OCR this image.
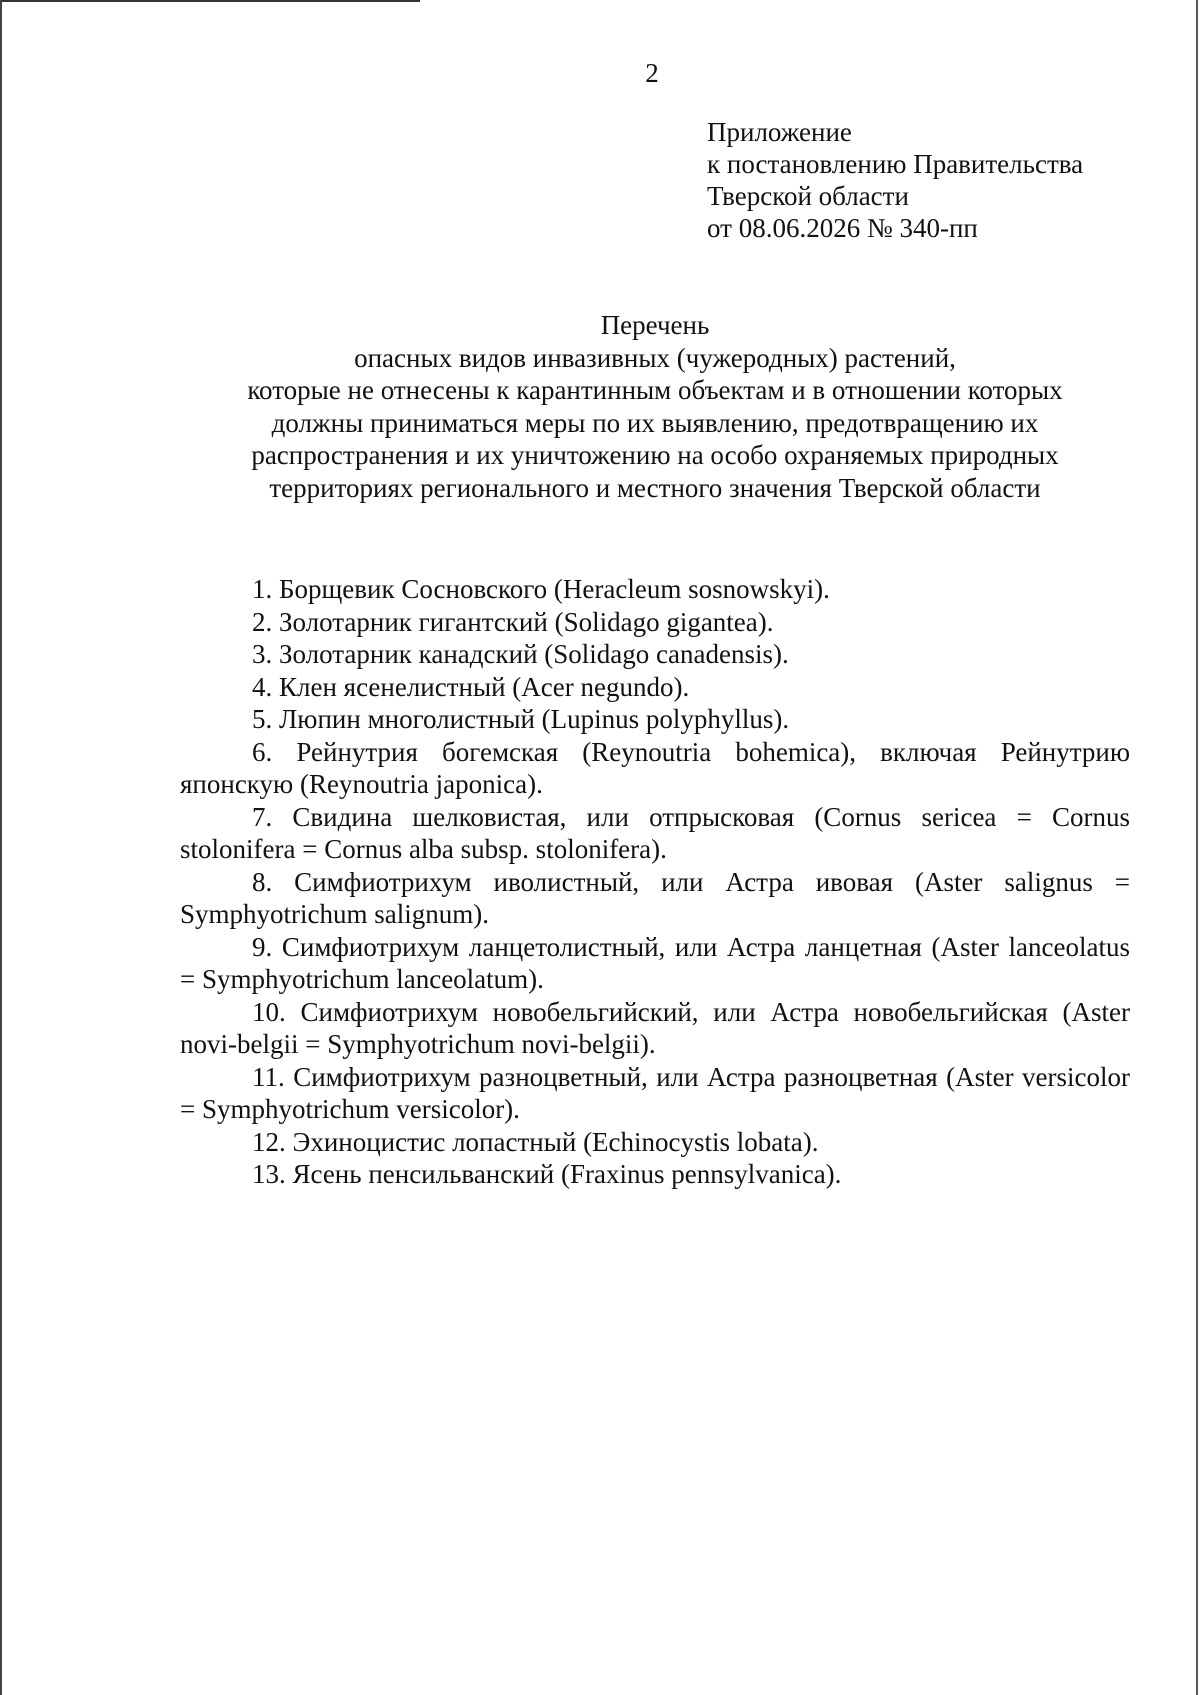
2
Приложение
к постановлению Правительства
Тверской области
от 08.06.2026 № 340-пп
Перечень
опасных видов инвазивных (чужеродных) растений,
которые не отнесены к карантинным объектам и в отношении которых
должны приниматься меры по их выявлению, предотвращению их
распространения и их уничтожению на особо охраняемых природных
территориях регионального и местного значения Тверской области

1. Борщевик Сосновского (Heracleum sosnowskyi).

2. Золотарник гигантский (Solidago gigantea).

3. Золотарник канадский (Solidago canadensis).

4. Клен ясенелистный (Acer negundo).

5. Люпин многолистный (Lupinus polyphyllus).

6. Рейнутрия богемская (Reynoutria bohemica), включая Рейнутрию японскую (Reynoutria japonica).

7. Свидина шелковистая, или отпрысковая (Cornus sericea = Cornus stolonifera = Cornus alba subsp. stolonifera).

8. Симфиотрихум иволистный, или Астра ивовая (Aster salignus = Symphyotrichum salignum).

9. Симфиотрихум ланцетолистный, или Астра ланцетная (Aster lanceolatus = Symphyotrichum lanceolatum).

10. Симфиотрихум новобельгийский, или Астра новобельгийская (Aster novi-belgii = Symphyotrichum novi-belgii).

11. Симфиотрихум разноцветный, или Астра разноцветная (Aster versicolor = Symphyotrichum versicolor).

12. Эхиноцистис лопастный (Echinocystis lobata).

13. Ясень пенсильванский (Fraxinus pennsylvanica).
